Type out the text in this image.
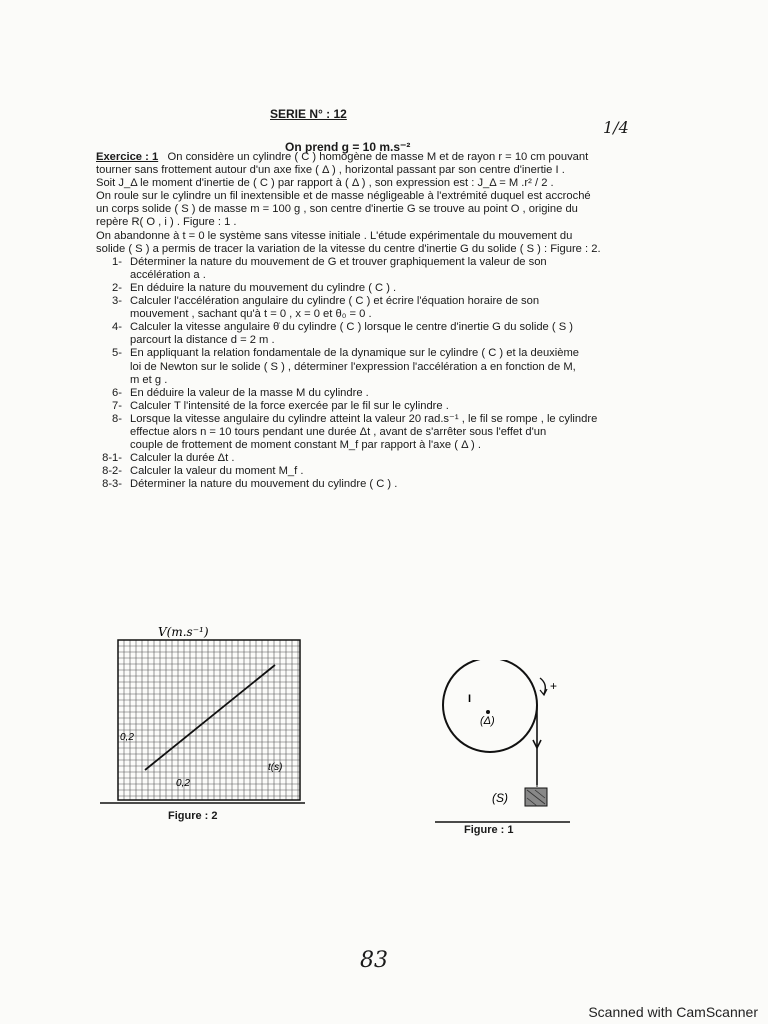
SERIE N° : 12
1/4
On prend g = 10 m.s⁻²
Exercice : 1 On considère un cylindre ( C ) homogène de masse M et de rayon r = 10 cm pouvant
tourner sans frottement autour d'un axe fixe ( Δ ) , horizontal passant par son centre d'inertie I .
Soit J_Δ le moment d'inertie de ( C ) par rapport à ( Δ ) , son expression est : J_Δ = M .r² / 2 .
On roule sur le cylindre un fil inextensible et de masse négligeable à l'extrémité duquel est accroché
un corps solide ( S ) de masse m = 100 g , son centre d'inertie G se trouve au point O , origine du
repère R( O , i ) . Figure : 1 .
On abandonne à t = 0 le système sans vitesse initiale . L'étude expérimentale du mouvement du
solide ( S ) a permis de tracer la variation de la vitesse du centre d'inertie G du solide ( S ) : Figure : 2.
1- Déterminer la nature du mouvement de G et trouver graphiquement la valeur de son
accélération a .
2- En déduire la nature du mouvement du cylindre ( C ) .
3- Calculer l'accélération angulaire du cylindre ( C ) et écrire l'équation horaire de son
mouvement , sachant qu'à t = 0 , x = 0 et θ₀ = 0 .
4- Calculer la vitesse angulaire θ̇ du cylindre ( C ) lorsque le centre d'inertie G du solide ( S )
parcourt la distance d = 2 m .
5- En appliquant la relation fondamentale de la dynamique sur le cylindre ( C ) et la deuxième
loi de Newton sur le solide ( S ) , déterminer l'expression l'accélération a en fonction de M,
m et g .
6- En déduire la valeur de la masse M du cylindre .
7- Calculer T l'intensité de la force exercée par le fil sur le cylindre .
8- Lorsque la vitesse angulaire du cylindre atteint la valeur 20 rad.s⁻¹ , le fil se rompe , le cylindre
effectue alors n = 10 tours pendant une durée Δt , avant de s'arrêter sous l'effet d'un
couple de frottement de moment constant M_f par rapport à l'axe ( Δ ) .
8-1- Calculer la durée Δt .
8-2- Calculer la valeur du moment M_f .
8-3- Déterminer la nature du mouvement du cylindre ( C ) .
V(m.s⁻¹)
0,2
0,2
t(s)
Figure : 2
+
I
(Δ)
(S)
Figure : 1
83
Scanned with CamScanner
